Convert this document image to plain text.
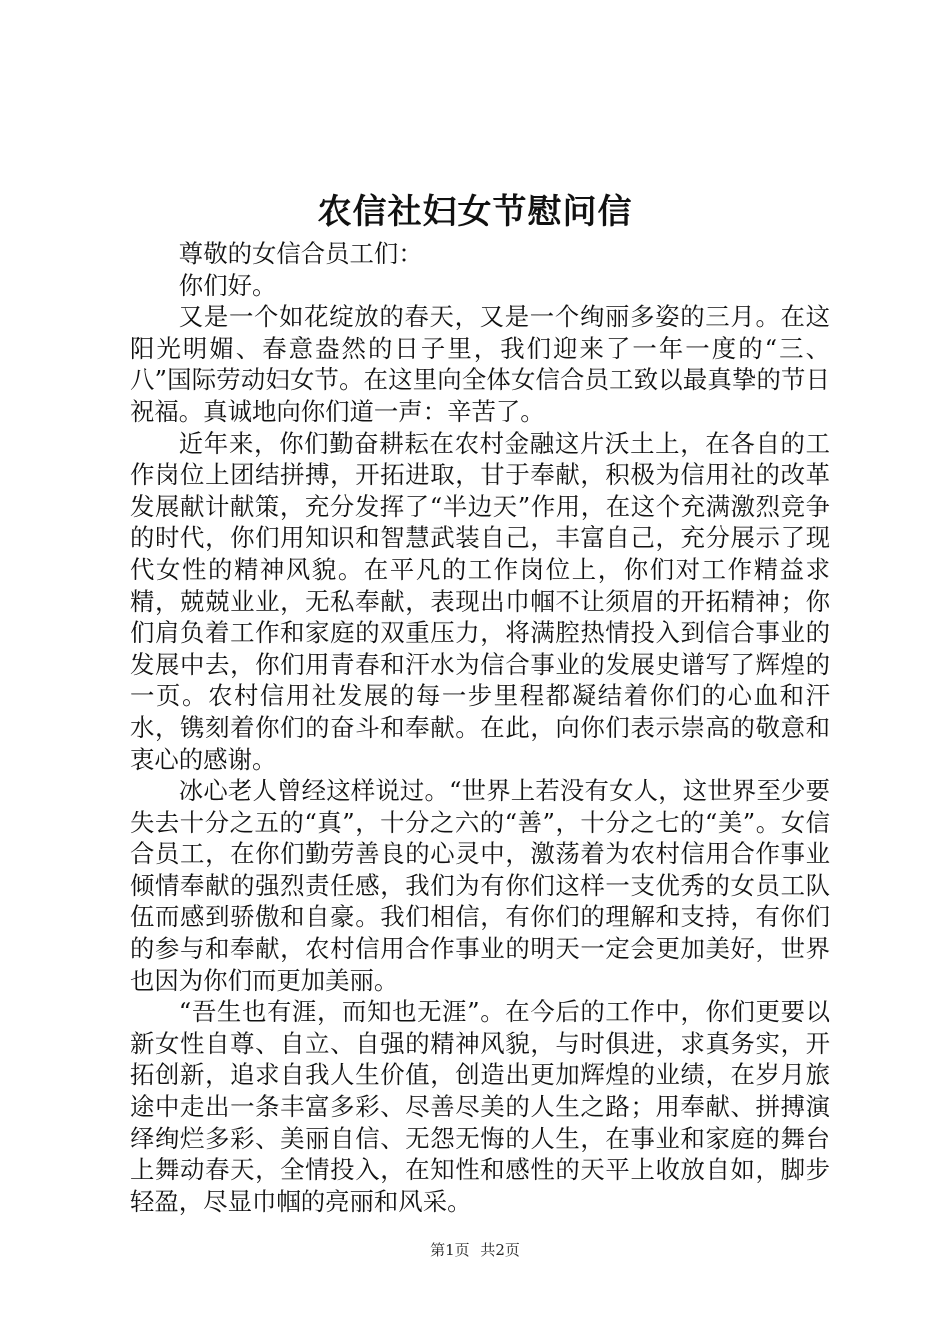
农信社妇女节慰问信

尊敬的女信合员工们：

你们好。

又是一个如花绽放的春天，又是一个绚丽多姿的三月。在这阳光明媚、春意盎然的日子里，我们迎来了一年一度的“三、八”国际劳动妇女节。在这里向全体女信合员工致以最真挚的节日祝福。真诚地向你们道一声：辛苦了。

近年来，你们勤奋耕耘在农村金融这片沃土上，在各自的工作岗位上团结拼搏，开拓进取，甘于奉献，积极为信用社的改革发展献计献策，充分发挥了“半边天”作用，在这个充满激烈竞争的时代，你们用知识和智慧武装自己，丰富自己，充分展示了现代女性的精神风貌。在平凡的工作岗位上，你们对工作精益求精，兢兢业业，无私奉献，表现出巾帼不让须眉的开拓精神；你们肩负着工作和家庭的双重压力，将满腔热情投入到信合事业的发展中去，你们用青春和汗水为信合事业的发展史谱写了辉煌的一页。农村信用社发展的每一步里程都凝结着你们的心血和汗水，镌刻着你们的奋斗和奉献。在此，向你们表示崇高的敬意和衷心的感谢。

冰心老人曾经这样说过。“世界上若没有女人，这世界至少要失去十分之五的“真”，十分之六的“善”，十分之七的“美”。女信合员工，在你们勤劳善良的心灵中，激荡着为农村信用合作事业倾情奉献的强烈责任感，我们为有你们这样一支优秀的女员工队伍而感到骄傲和自豪。我们相信，有你们的理解和支持，有你们的参与和奉献，农村信用合作事业的明天一定会更加美好，世界也因为你们而更加美丽。

“吾生也有涯，而知也无涯”。在今后的工作中，你们更要以新女性自尊、自立、自强的精神风貌，与时俱进，求真务实，开拓创新，追求自我人生价值，创造出更加辉煌的业绩，在岁月旅途中走出一条丰富多彩、尽善尽美的人生之路；用奉献、拼搏演绎绚烂多彩、美丽自信、无怨无悔的人生，在事业和家庭的舞台上舞动春天，全情投入，在知性和感性的天平上收放自如，脚步轻盈，尽显巾帼的亮丽和风采。

第1页 共2页
